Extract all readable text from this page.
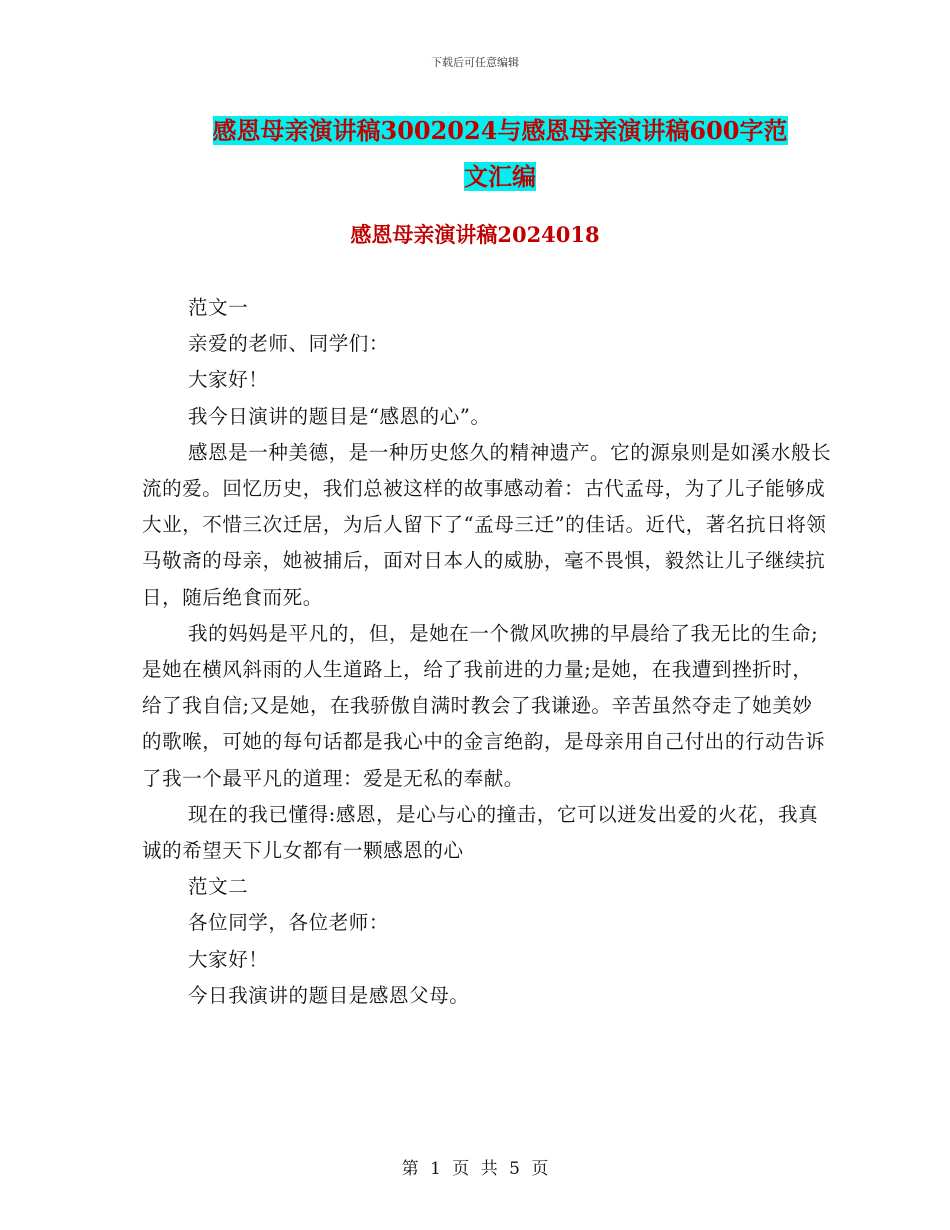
下载后可任意编辑
感恩母亲演讲稿3002024与感恩母亲演讲稿600字范
文汇编
感恩母亲演讲稿2024018

范文一

亲爱的老师、同学们：

大家好！

我今日演讲的题目是“感恩的心”。

感恩是一种美德，是一种历史悠久的精神遗产。它的源泉则是如溪水般长流的爱。回忆历史，我们总被这样的故事感动着：古代孟母，为了儿子能够成大业，不惜三次迁居，为后人留下了“孟母三迁”的佳话。近代，著名抗日将领马敬斋的母亲，她被捕后，面对日本人的威胁，毫不畏惧，毅然让儿子继续抗日，随后绝食而死。

我的妈妈是平凡的，但，是她在一个微风吹拂的早晨给了我无比的生命;是她在横风斜雨的人生道路上，给了我前进的力量;是她，在我遭到挫折时，给了我自信;又是她，在我骄傲自满时教会了我谦逊。辛苦虽然夺走了她美妙的歌喉，可她的每句话都是我心中的金言绝韵，是母亲用自己付出的行动告诉了我一个最平凡的道理：爱是无私的奉献。

现在的我已懂得:感恩，是心与心的撞击，它可以迸发出爱的火花，我真诚的希望天下儿女都有一颗感恩的心

范文二

各位同学，各位老师：

大家好！

今日我演讲的题目是感恩父母。

第 1 页 共 5 页
